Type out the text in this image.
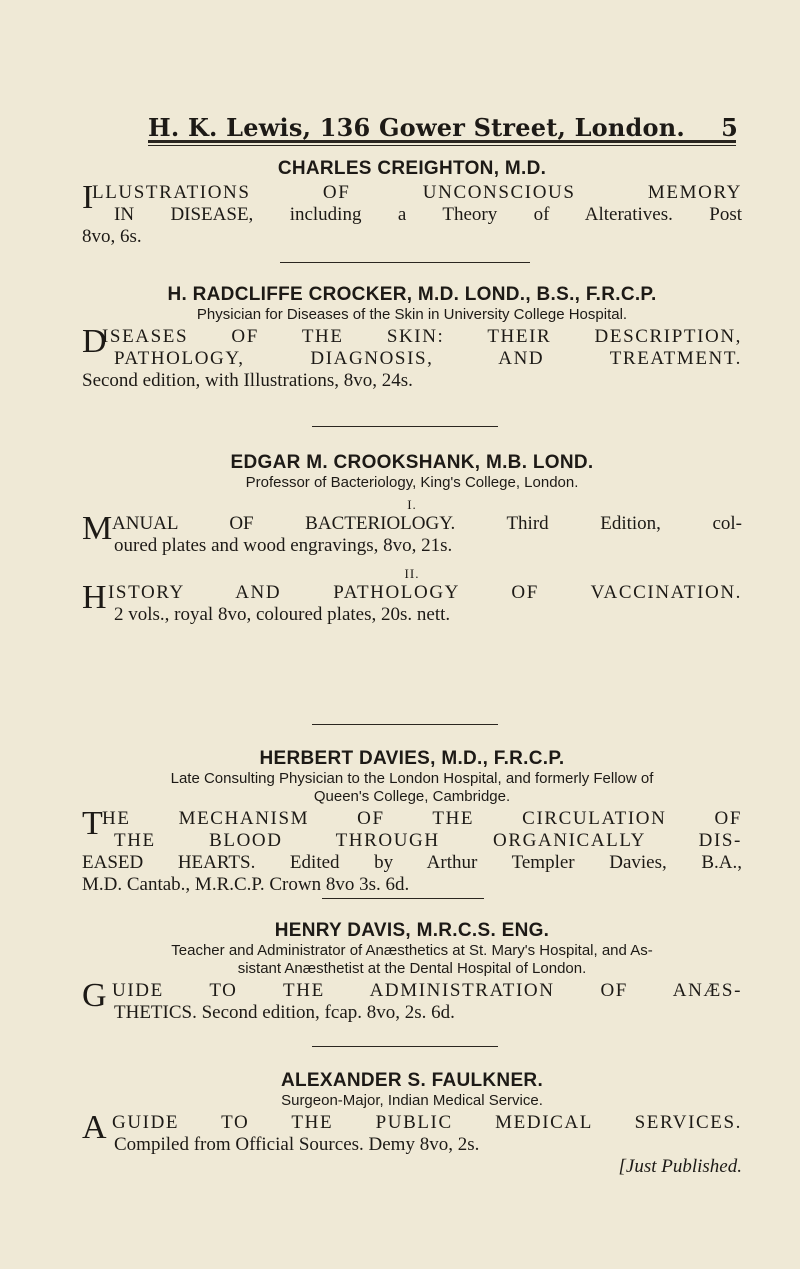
H. K. Lewis, 136 Gower Street, London. 5
CHARLES CREIGHTON, M.D.
I
LLUSTRATIONS OF UNCONSCIOUS MEMORY
IN DISEASE, including a Theory of Alteratives. Post
8vo, 6s.
H. RADCLIFFE CROCKER, M.D. LOND., B.S., F.R.C.P.
Physician for Diseases of the Skin in University College Hospital.
D
ISEASES OF THE SKIN: THEIR DESCRIPTION,
PATHOLOGY, DIAGNOSIS, AND TREATMENT.
Second edition, with Illustrations, 8vo, 24s.
EDGAR M. CROOKSHANK, M.B. LOND.
Professor of Bacteriology, King's College, London.
I.
M ANUAL OF BACTERIOLOGY. Third Edition, col-
oured plates and wood engravings, 8vo, 21s.
II.
H ISTORY AND PATHOLOGY OF VACCINATION.
2 vols., royal 8vo, coloured plates, 20s. nett.
HERBERT DAVIES, M.D., F.R.C.P.
Late Consulting Physician to the London Hospital, and formerly Fellow of
Queen's College, Cambridge.
T HE MECHANISM OF THE CIRCULATION OF
THE BLOOD THROUGH ORGANICALLY DIS-
EASED HEARTS. Edited by Arthur Templer Davies, B.A.,
M.D. Cantab., M.R.C.P. Crown 8vo 3s. 6d.
HENRY DAVIS, M.R.C.S. ENG.
Teacher and Administrator of Anæsthetics at St. Mary's Hospital, and As-
sistant Anæsthetist at the Dental Hospital of London.
G UIDE TO THE ADMINISTRATION OF ANÆS-
THETICS. Second edition, fcap. 8vo, 2s. 6d.
ALEXANDER S. FAULKNER.
Surgeon-Major, Indian Medical Service.
A GUIDE TO THE PUBLIC MEDICAL SERVICES.
Compiled from Official Sources. Demy 8vo, 2s.
[Just Published.
